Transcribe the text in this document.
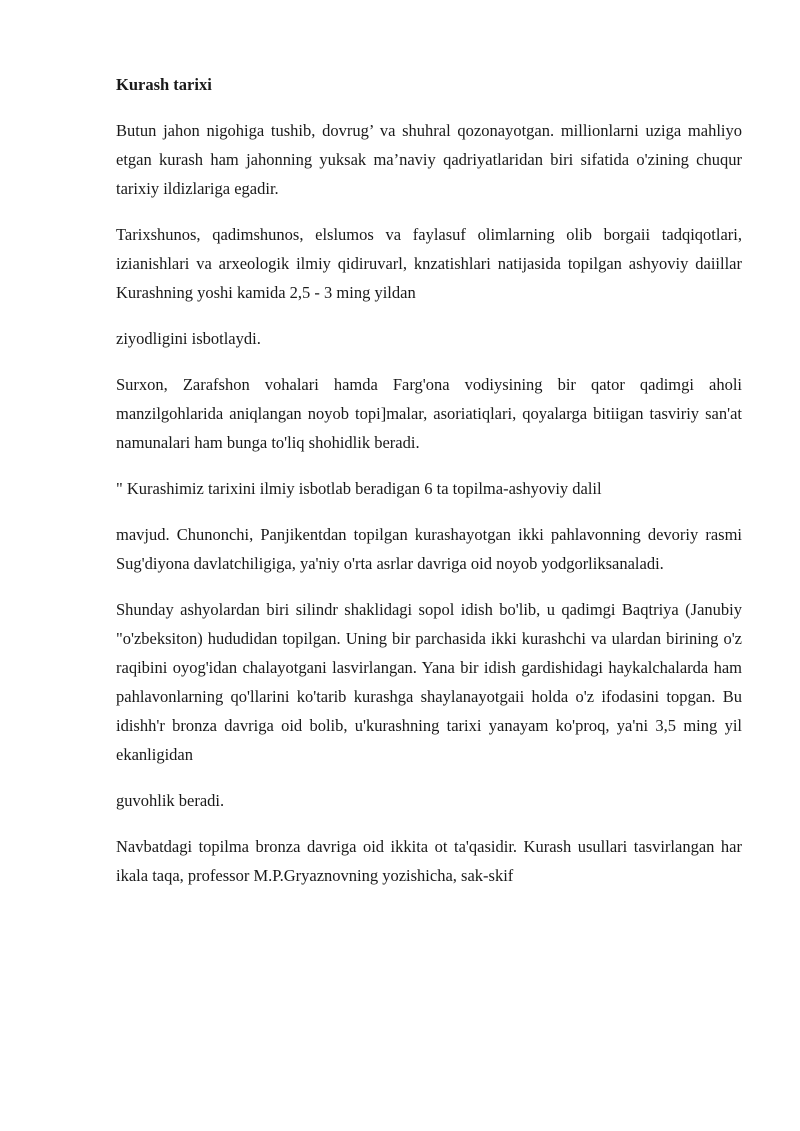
Kurash tarixi

Butun jahon nigohiga tushib, dovrug’ va shuhral qozonayotgan. millionlarni uziga mahliyo etgan kurash ham jahonning yuksak ma’naviy qadriyatlaridan biri sifatida o'zining chuqur tarixiy ildizlariga egadir.

Tarixshunos, qadimshunos, elslumos va faylasuf olimlarning olib borgaii tadqiqotlari, izianishlari va arxeologik ilmiy qidiruvarl, knzatishlari natijasida topilgan ashyoviy daiillar Kurashning yoshi kamida 2,5 - 3 ming yildan

ziyodligini isbotlaydi.

Surxon, Zarafshon vohalari hamda Farg'ona vodiysining bir qator qadimgi aholi manzilgohlarida aniqlangan noyob topi]malar, asoriatiqlari, qoyalarga bitiigan tasviriy san'at namunalari ham bunga to'liq shohidlik beradi.

" Kurashimiz tarixini ilmiy isbotlab beradigan 6 ta topilma-ashyoviy dalil

mavjud. Chunonchi, Panjikentdan topilgan kurashayotgan ikki pahlavonning devoriy rasmi Sug'diyona davlatchiligiga, ya'niy o'rta asrlar davriga oid noyob yodgorliksanaladi.

Shunday ashyolardan biri silindr shaklidagi sopol idish bo'lib, u qadimgi Baqtriya (Janubiy "o'zbeksiton) hududidan topilgan. Uning bir parchasida ikki kurashchi va ulardan birining o'z raqibini oyog'idan chalayotgani lasvirlangan. Yana bir idish gardishidagi haykalchalarda ham pahlavonlarning qo'llarini ko'tarib kurashga shaylanayotgaii holda o'z ifodasini topgan. Bu idishh'r bronza davriga oid bolib, u'kurashning tarixi yanayam ko'proq, ya'ni 3,5 ming yil ekanligidan

guvohlik beradi.

Navbatdagi topilma bronza davriga oid ikkita ot ta'qasidir. Kurash usullari tasvirlangan har ikala taqa, professor M.P.Gryaznovning yozishicha, sak-skif
